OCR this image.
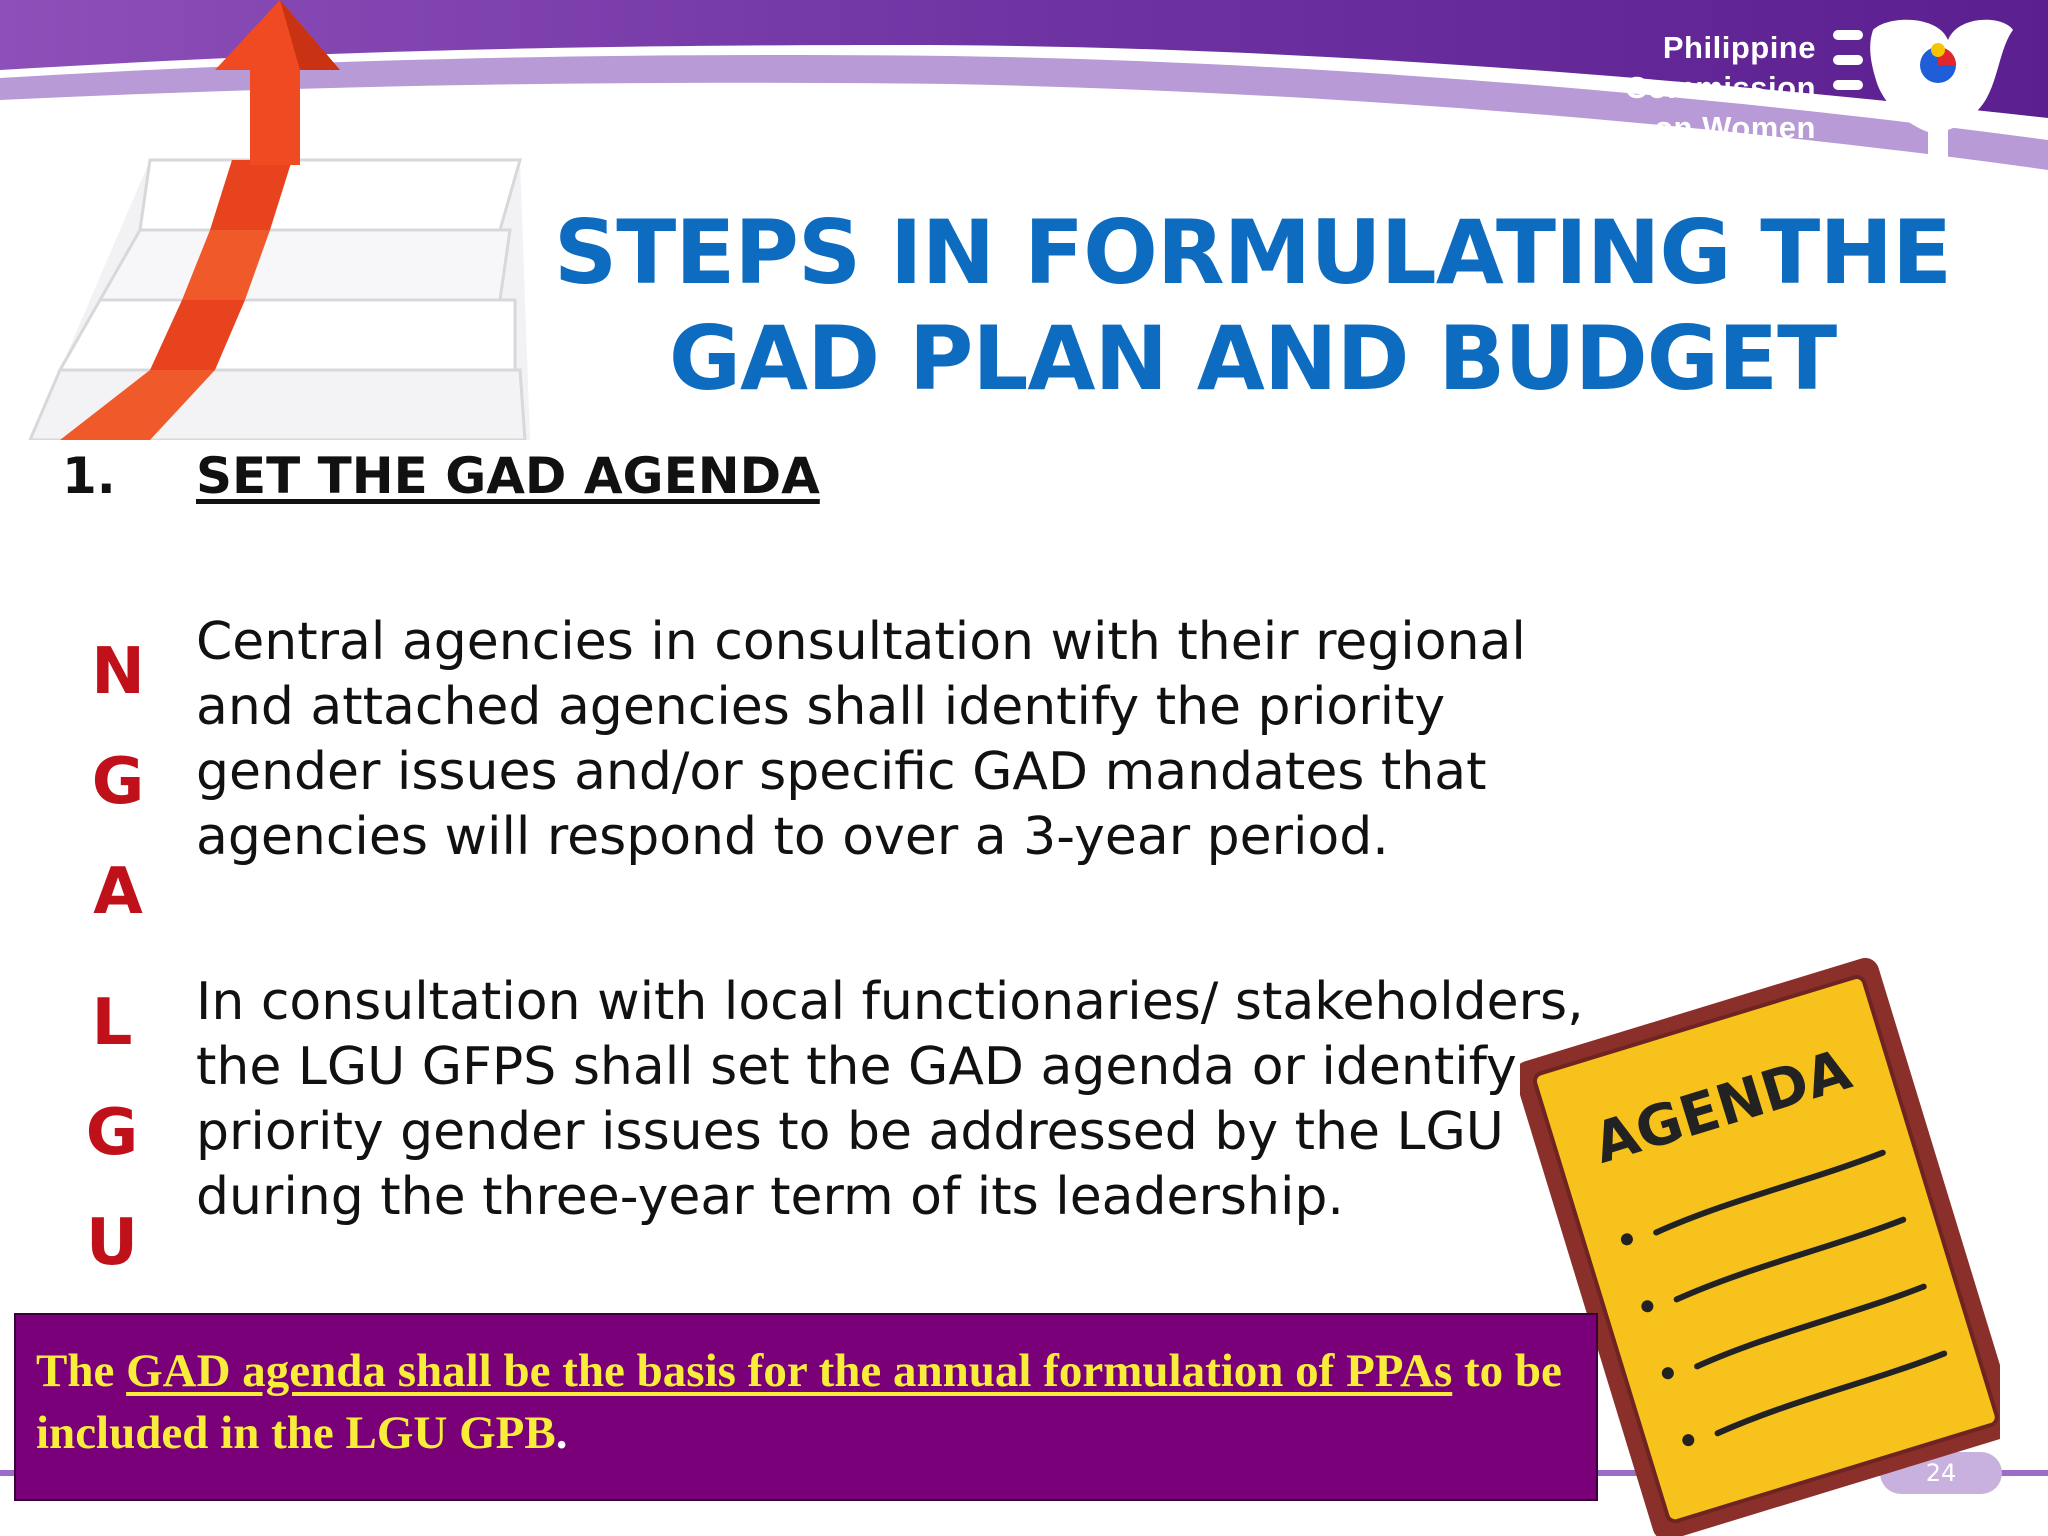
Philippine
Commission
on Women
STEPS IN FORMULATING THE
GAD PLAN AND BUDGET
1. SET THE GAD AGENDA
N
G
A
Central agencies in consultation with their regional and attached agencies shall identify the priority gender issues and/or specific GAD mandates that agencies will respond to over a 3-year period.
L
G
U
In consultation with local functionaries/ stakeholders, the LGU GFPS shall set the GAD agenda or identify priority gender issues to be addressed by the LGU during the three-year term of its leadership.
24
AGENDA
The GAD agenda shall be the basis for the annual formulation of PPAs to be included in the LGU GPB.
